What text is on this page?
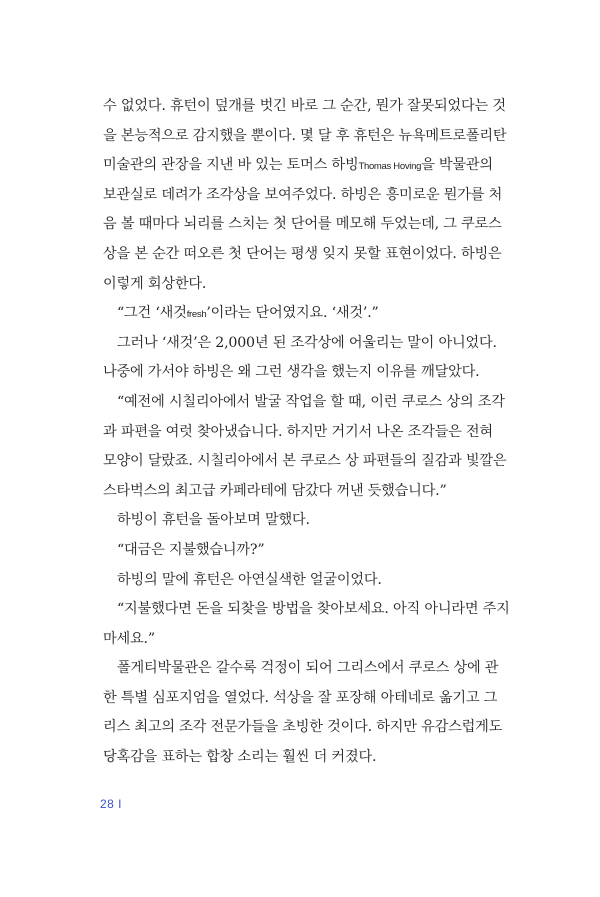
수 없었다. 휴턴이 덮개를 벗긴 바로 그 순간, 뭔가 잘못되었다는 것
을 본능적으로 감지했을 뿐이다. 몇 달 후 휴턴은 뉴욕메트로폴리탄
미술관의 관장을 지낸 바 있는 토머스 하빙Thomas Hoving을 박물관의
보관실로 데려가 조각상을 보여주었다. 하빙은 흥미로운 뭔가를 처
음 볼 때마다 뇌리를 스치는 첫 단어를 메모해 두었는데, 그 쿠로스
상을 본 순간 떠오른 첫 단어는 평생 잊지 못할 표현이었다. 하빙은
이렇게 회상한다.
“그건 ‘새것fresh’이라는 단어였지요. ‘새것’.”
그러나 ‘새것’은 2,000년 된 조각상에 어울리는 말이 아니었다.
나중에 가서야 하빙은 왜 그런 생각을 했는지 이유를 깨달았다.
“예전에 시칠리아에서 발굴 작업을 할 때, 이런 쿠로스 상의 조각
과 파편을 여럿 찾아냈습니다. 하지만 거기서 나온 조각들은 전혀
모양이 달랐죠. 시칠리아에서 본 쿠로스 상 파편들의 질감과 빛깔은
스타벅스의 최고급 카페라테에 담갔다 꺼낸 듯했습니다.”
하빙이 휴턴을 돌아보며 말했다.
“대금은 지불했습니까?”
하빙의 말에 휴턴은 아연실색한 얼굴이었다.
“지불했다면 돈을 되찾을 방법을 찾아보세요. 아직 아니라면 주지
마세요.”
폴게티박물관은 갈수록 걱정이 되어 그리스에서 쿠로스 상에 관
한 특별 심포지엄을 열었다. 석상을 잘 포장해 아테네로 옮기고 그
리스 최고의 조각 전문가들을 초빙한 것이다. 하지만 유감스럽게도
당혹감을 표하는 합창 소리는 훨씬 더 커졌다.
28 I
